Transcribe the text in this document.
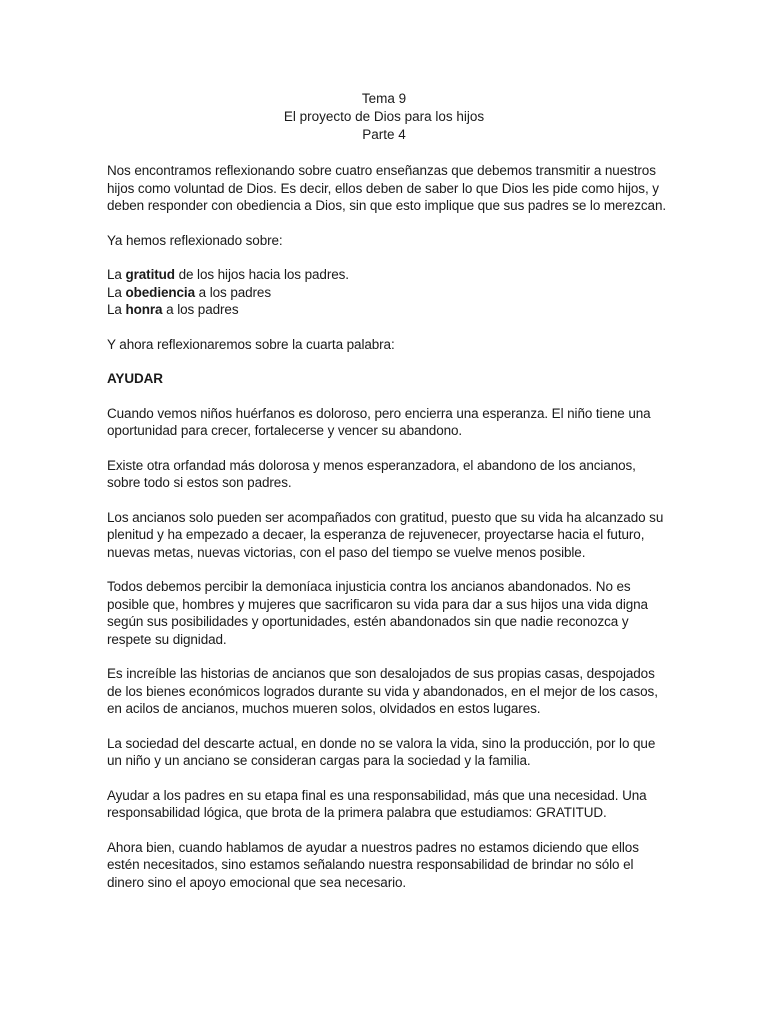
Tema 9
El proyecto de Dios para los hijos
Parte 4

Nos encontramos reflexionando sobre cuatro enseñanzas que debemos transmitir a nuestros hijos como voluntad de Dios. Es decir, ellos deben de saber lo que Dios les pide como hijos, y deben responder con obediencia a Dios, sin que esto implique que sus padres se lo merezcan.

Ya hemos reflexionado sobre:

La gratitud de los hijos hacia los padres.
La obediencia a los padres
La honra a los padres

Y ahora reflexionaremos sobre la cuarta palabra:

AYUDAR

Cuando vemos niños huérfanos es doloroso, pero encierra una esperanza. El niño tiene una oportunidad para crecer, fortalecerse y vencer su abandono.

Existe otra orfandad más dolorosa y menos esperanzadora, el abandono de los ancianos, sobre todo si estos son padres.

Los ancianos solo pueden ser acompañados con gratitud, puesto que su vida ha alcanzado su plenitud y ha empezado a decaer, la esperanza de rejuvenecer, proyectarse hacia el futuro, nuevas metas, nuevas victorias, con el paso del tiempo se vuelve menos posible.

Todos debemos percibir la demoníaca injusticia contra los ancianos abandonados. No es posible que, hombres y mujeres que sacrificaron su vida para dar a sus hijos una vida digna según sus posibilidades y oportunidades, estén abandonados sin que nadie reconozca y respete su dignidad.

Es increíble las historias de ancianos que son desalojados de sus propias casas, despojados de los bienes económicos logrados durante su vida y abandonados, en el mejor de los casos, en acilos de ancianos, muchos mueren solos, olvidados en estos lugares.

La sociedad del descarte actual, en donde no se valora la vida, sino la producción, por lo que un niño y un anciano se consideran cargas para la sociedad y la familia.

Ayudar a los padres en su etapa final es una responsabilidad, más que una necesidad. Una responsabilidad lógica, que brota de la primera palabra que estudiamos: GRATITUD.

Ahora bien, cuando hablamos de ayudar a nuestros padres no estamos diciendo que ellos estén necesitados, sino estamos señalando nuestra responsabilidad de brindar no sólo el dinero sino el apoyo emocional que sea necesario.
